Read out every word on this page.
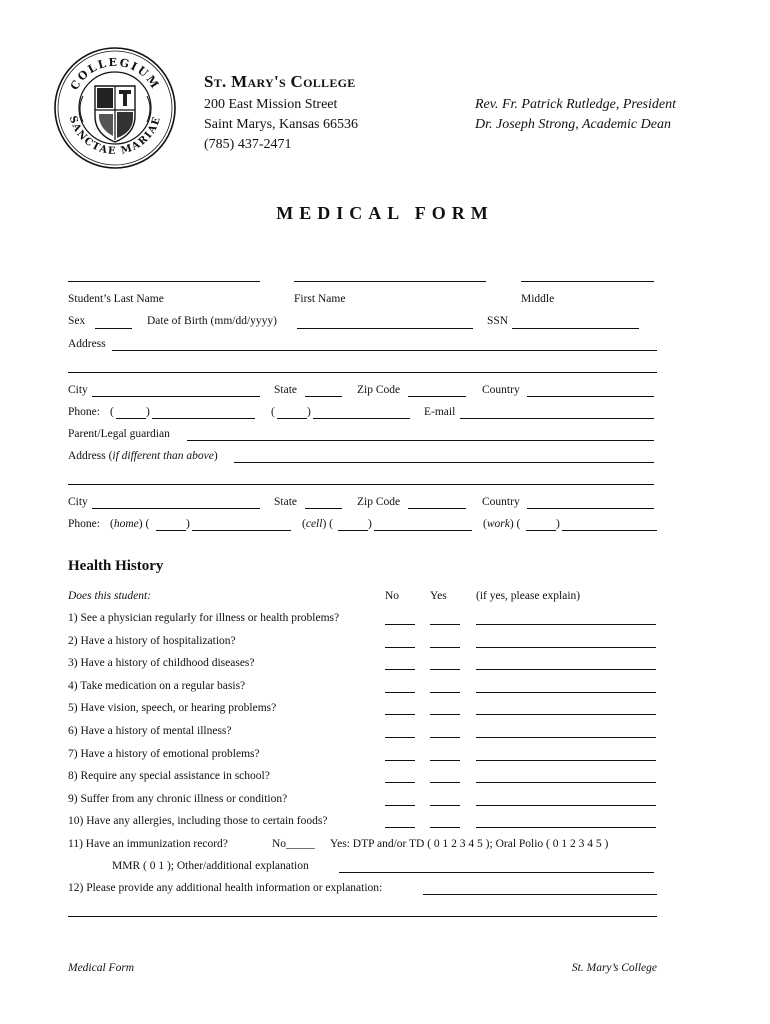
COLLEGIUM
SANCTAE MARIAE
St. Mary's College
200 East Mission Street
Saint Marys, Kansas 66536
(785) 437-2471
Rev. Fr. Patrick Rutledge, President
Dr. Joseph Strong, Academic Dean
MEDICAL FORM
Student’s Last Name	First Name	Middle
Sex	Date of Birth (mm/dd/yyyy)	SSN
Address
City	State	Zip Code	Country
Phone: (	)	(	)	E-mail
Parent/Legal guardian
Address (if different than above)
City	State	Zip Code	Country
Phone: (home) (	)	(cell) (	)	(work) (	)
Health History
Does this student:	No	Yes	(if yes, please explain)
1) See a physician regularly for illness or health problems?
2) Have a history of hospitalization?
3) Have a history of childhood diseases?
4) Take medication on a regular basis?
5) Have vision, speech, or hearing problems?
6) Have a history of mental illness?
7) Have a history of emotional problems?
8) Require any special assistance in school?
9) Suffer from any chronic illness or condition?
10) Have any allergies, including those to certain foods?
11) Have an immunization record?	No_____ Yes: DTP and/or TD ( 0 1 2 3 4 5 ); Oral Polio ( 0 1 2 3 4 5 )
MMR ( 0 1 ); Other/additional explanation
12) Please provide any additional health information or explanation:
Medical Form	St. Mary’s College
